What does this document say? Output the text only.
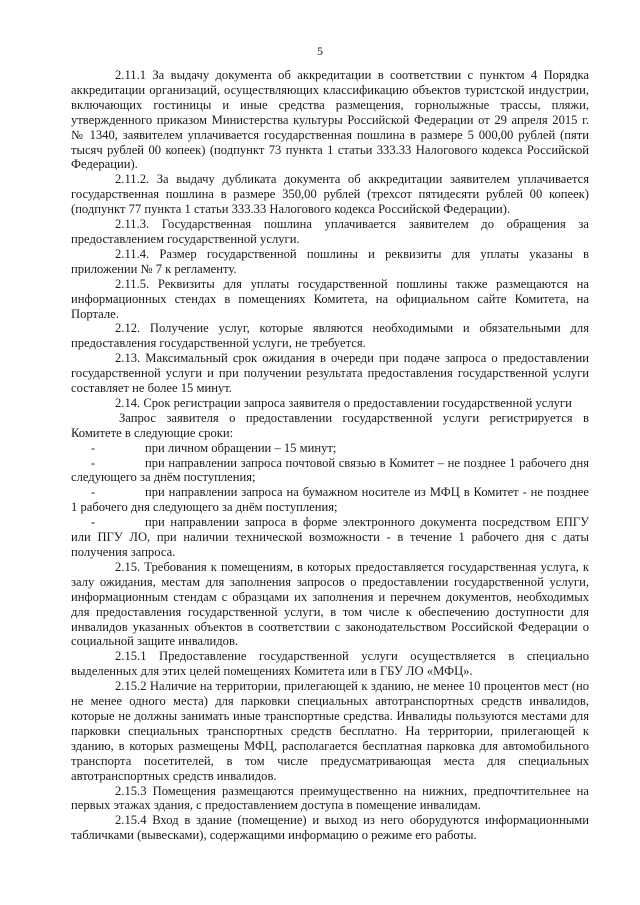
5

2.11.1 За выдачу документа об аккредитации в соответствии с пунктом 4 Порядка аккредитации организаций, осуществляющих классификацию объектов туристской индустрии, включающих гостиницы и иные средства размещения, горнолыжные трассы, пляжи, утвержденного приказом Министерства культуры Российской Федерации от 29 апреля 2015 г. № 1340, заявителем уплачивается государственная пошлина в размере 5 000,00 рублей (пяти тысяч рублей 00 копеек) (подпункт 73 пункта 1 статьи 333.33 Налогового кодекса Российской Федерации).

2.11.2. За выдачу дубликата документа об аккредитации заявителем уплачивается государственная пошлина в размере 350,00 рублей (трехсот пятидесяти рублей 00 копеек) (подпункт 77 пункта 1 статьи 333.33 Налогового кодекса Российской Федерации).

2.11.3. Государственная пошлина уплачивается заявителем до обращения за предоставлением государственной услуги.

2.11.4. Размер государственной пошлины и реквизиты для уплаты указаны в приложении № 7 к регламенту.

2.11.5. Реквизиты для уплаты государственной пошлины также размещаются на информационных стендах в помещениях Комитета, на официальном сайте Комитета, на Портале.

2.12. Получение услуг, которые являются необходимыми и обязательными для предоставления государственной услуги, не требуется.

2.13. Максимальный срок ожидания в очереди при подаче запроса о предоставлении государственной услуги и при получении результата предоставления государственной услуги составляет не более 15 минут.

2.14. Срок регистрации запроса заявителя о предоставлении государственной услуги

Запрос заявителя о предоставлении государственной услуги регистрируется в Комитете в следующие сроки:

-	при личном обращении – 15 минут;

-	при направлении запроса почтовой связью в Комитет – не позднее 1 рабочего дня следующего за днём поступления;

-	при направлении запроса на бумажном носителе из МФЦ в Комитет - не позднее 1 рабочего дня следующего за днём поступления;

-	при направлении запроса в форме электронного документа посредством ЕПГУ или ПГУ ЛО, при наличии технической возможности - в течение 1 рабочего дня с даты получения запроса.

2.15. Требования к помещениям, в которых предоставляется государственная услуга, к залу ожидания, местам для заполнения запросов о предоставлении государственной услуги, информационным стендам с образцами их заполнения и перечнем документов, необходимых для предоставления государственной услуги, в том числе к обеспечению доступности для инвалидов указанных объектов в соответствии с законодательством Российской Федерации о социальной защите инвалидов.

2.15.1 Предоставление государственной услуги осуществляется в специально выделенных для этих целей помещениях Комитета или в ГБУ ЛО «МФЦ».

2.15.2 Наличие на территории, прилегающей к зданию, не менее 10 процентов мест (но не менее одного места) для парковки специальных автотранспортных средств инвалидов, которые не должны занимать иные транспортные средства. Инвалиды пользуются местами для парковки специальных транспортных средств бесплатно. На территории, прилегающей к зданию, в которых размещены МФЦ, располагается бесплатная парковка для автомобильного транспорта посетителей, в том числе предусматривающая места для специальных автотранспортных средств инвалидов.

2.15.3 Помещения размещаются преимущественно на нижних, предпочтительнее на первых этажах здания, с предоставлением доступа в помещение инвалидам.

2.15.4 Вход в здание (помещение) и выход из него оборудуются информационными табличками (вывесками), содержащими информацию о режиме его работы.
